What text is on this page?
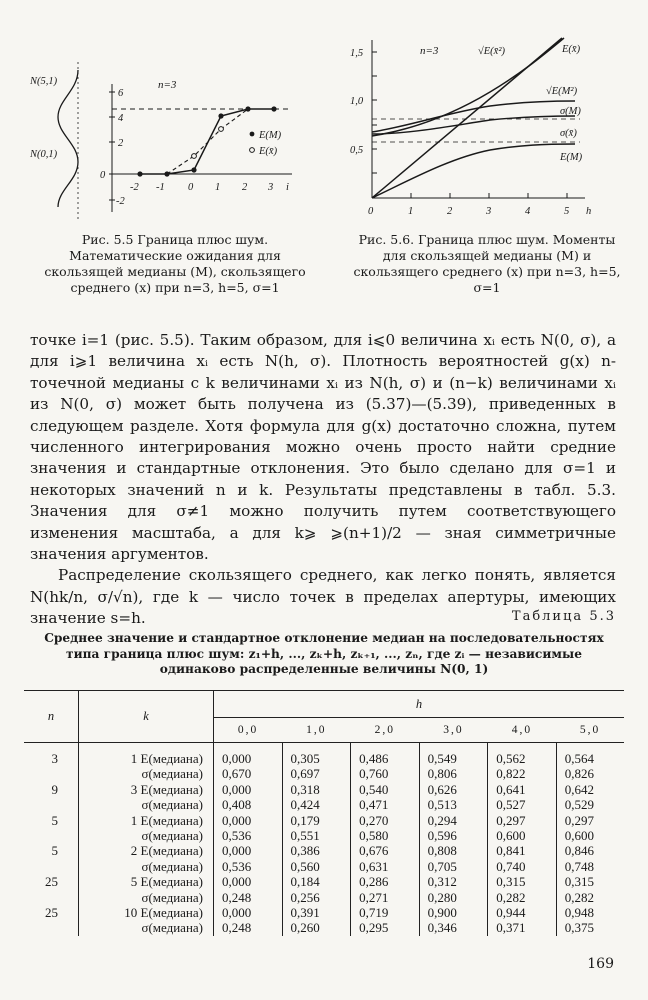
N(5,1)
N(0,1)
6
4
2
0
-2
n=3
-2 -1 0 1 2 3 i
E(M)
E(x̄)
Рис. 5.5 Граница плюс шум. Математические ожидания для скользящей медианы (M), скользящего среднего (x) при n=3, h=5, σ=1
1,5
1,0
0,5
0	1	2	3	4	5 h
n=3	√E(x̄²)	E(x̄)
√E(M²)
σ(M)
σ(x̄)
E(M)
Рис. 5.6. Граница плюс шум. Моменты для скользящей медианы (M) и скользящего среднего (x) при n=3, h=5, σ=1

точке i=1 (рис. 5.5). Таким образом, для i⩽0 величина xᵢ есть N(0, σ), а для i⩾1 величина xᵢ есть N(h, σ). Плотность вероятностей g(x) n-точечной медианы с k величинами xᵢ из N(h, σ) и (n−k) величинами xᵢ из N(0, σ) может быть получена из (5.37)—(5.39), приведенных в следующем разделе. Хотя формула для g(x) достаточно сложна, путем численного интегрирования можно очень просто найти средние значения и стандартные отклонения. Это было сделано для σ=1 и некоторых значений n и k. Результаты представлены в табл. 5.3. Значения для σ≠1 можно получить путем соответствующего изменения масштаба, а для k⩾ ⩾(n+1)/2 — зная симметричные значения аргументов.

Распределение скользящего среднего, как легко понять, является N(hk/n, σ/√n), где k — число точек в пределах апертуры, имеющих значение s=h.	Таблица 5.3
Среднее значение и стандартное отклонение медиан на последовательностях типа граница плюс шум: z₁+h, ..., zₖ+h, zₖ₊₁, ..., zₙ, где zᵢ — независимые одинаково распределенные величины N(0, 1)
n	k	h					
		0,0	1,0	2,0	3,0	4,0	5,0

3	1 E(медиана)	0,000	0,305	0,486	0,549	0,562	0,564
	σ(медиана)	0,670	0,697	0,760	0,806	0,822	0,826
9	3 E(медиана)	0,000	0,318	0,540	0,626	0,641	0,642
	σ(медиана)	0,408	0,424	0,471	0,513	0,527	0,529
5	1 E(медиана)	0,000	0,179	0,270	0,294	0,297	0,297
	σ(медиана)	0,536	0,551	0,580	0,596	0,600	0,600
5	2 E(медиана)	0,000	0,386	0,676	0,808	0,841	0,846
	σ(медиана)	0,536	0,560	0,631	0,705	0,740	0,748
25	5 E(медиана)	0,000	0,184	0,286	0,312	0,315	0,315
	σ(медиана)	0,248	0,256	0,271	0,280	0,282	0,282
25	10 E(медиана)	0,000	0,391	0,719	0,900	0,944	0,948
	σ(медиана)	0,248	0,260	0,295	0,346	0,371	0,375
169
